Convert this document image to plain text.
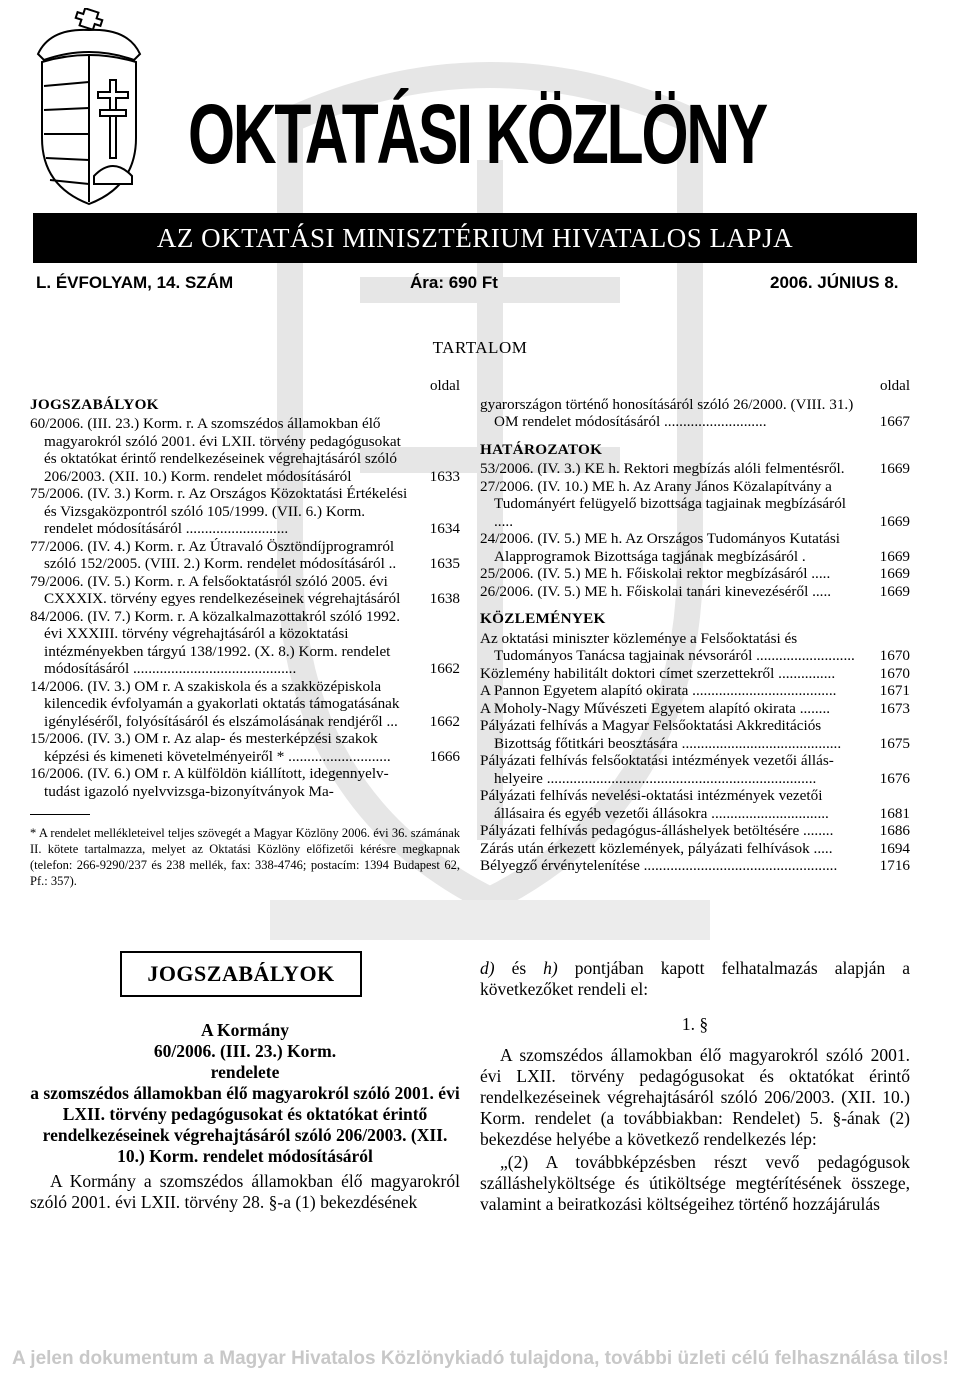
OKTATÁSI KÖZLÖNY
AZ OKTATÁSI MINISZTÉRIUM HIVATALOS LAPJA
L. ÉVFOLYAM, 14. SZÁM	Ára: 690 Ft	2006. JÚNIUS 8.
TARTALOM
oldal
JOGSZABÁLYOK
60/2006. (III. 23.) Korm. r. A szomszédos államokban élő magyarokról szóló 2001. évi LXII. törvény pedagógusokat és oktatókat érintő rendelkezéseinek végrehajtásáról szóló 206/2003. (XII. 10.) Korm. rendelet módosításáról	1633
75/2006. (IV. 3.) Korm. r. Az Országos Közoktatási Értékelési és Vizsgaközpontról szóló 105/1999. (VII. 6.) Korm. rendelet módosításáról ...........................	1634
77/2006. (IV. 4.) Korm. r. Az Útravaló Ösztöndíjprogramról szóló 152/2005. (VIII. 2.) Korm. rendelet módosításáról .. 1635
79/2006. (IV. 5.) Korm. r. A felsőoktatásról szóló 2005. évi CXXXIX. törvény egyes rendelkezéseinek végrehajtásáról 1638
84/2006. (IV. 7.) Korm. r. A közalkalmazottakról szóló 1992. évi XXXIII. törvény végrehajtásáról a közoktatási intézményekben tárgyú 138/1992. (X. 8.) Korm. rendelet módosításáról ...........................................	1662
14/2006. (IV. 3.) OM r. A szakiskola és a szakközépiskola kilencedik évfolyamán a gyakorlati oktatás támogatásának igényléséről, folyósításáról és elszámolásának rendjéről ... 1662
15/2006. (IV. 3.) OM r. Az alap- és mesterképzési szakok képzési és kimeneti követelményeiről * ...........................	1666
16/2006. (IV. 6.) OM r. A külföldön kiállított, idegennyelv-tudást igazoló nyelvvizsga-bizonyítványok Ma-
* A rendelet mellékleteivel teljes szövegét a Magyar Közlöny 2006. évi 36. számának II. kötete tartalmazza, melyet az Oktatási Közlöny előfizetői kérésre megkapnak (telefon: 266-9290/237 és 238 mellék, fax: 338-4746; postacím: 1394 Budapest 62, Pf.: 357).
oldal
gyarországon történő honosításáról szóló 26/2000. (VIII. 31.) OM rendelet módosításáról ...........................	1667
HATÁROZATOK
53/2006. (IV. 3.) KE h. Rektori megbízás alóli felmentésről. 1669
27/2006. (IV. 10.) ME h. Az Arany János Közalapítvány a Tudományért felügyelő bizottsága tagjainak megbízásáról .....	1669
24/2006. (IV. 5.) ME h. Az Országos Tudományos Kutatási Alapprogramok Bizottsága tagjának megbízásáról .	1669
25/2006. (IV. 5.) ME h. Főiskolai rektor megbízásáról .....	1669
26/2006. (IV. 5.) ME h. Főiskolai tanári kinevezéséről .....	1669
KÖZLEMÉNYEK
Az oktatási miniszter közleménye a Felsőoktatási és Tudományos Tanácsa tagjainak névsoráról .......................... 1670
Közlemény habilitált doktori címet szerzettekről ...............	1670
A Pannon Egyetem alapító okirata ......................................	1671
A Moholy-Nagy Művészeti Egyetem alapító okirata ........	1673
Pályázati felhívás a Magyar Felsőoktatási Akkreditációs Bizottság főtitkári beosztására ..........................................	1675
Pályázati felhívás felsőoktatási intézmények vezetői állás-helyeire .......................................................................	1676
Pályázati felhívás nevelési-oktatási intézmények vezetői állásaira és egyéb vezetői állásokra ...............................	1681
Pályázati felhívás pedagógus-álláshelyek betöltésére ........	1686
Zárás után érkezett közlemények, pályázati felhívások .....	1694
Bélyegző érvénytelenítése ...................................................	1716
JOGSZABÁLYOK
A Kormány
60/2006. (III. 23.) Korm.
rendelete
a szomszédos államokban élő magyarokról szóló 2001. évi LXII. törvény pedagógusokat és oktatókat érintő rendelkezéseinek végrehajtásáról szóló 206/2003. (XII. 10.) Korm. rendelet módosításáról
A Kormány a szomszédos államokban élő magyarokról szóló 2001. évi LXII. törvény 28. §-a (1) bekezdésének
d) és h) pontjában kapott felhatalmazás alapján a következőket rendeli el:
1. §
A szomszédos államokban élő magyarokról szóló 2001. évi LXII. törvény pedagógusokat és oktatókat érintő rendelkezéseinek végrehajtásáról szóló 206/2003. (XII. 10.) Korm. rendelet (a továbbiakban: Rendelet) 5. §-ának (2) bekezdése helyébe a következő rendelkezés lép:
„(2) A továbbképzésben részt vevő pedagógusok szálláshelyköltsége és útiköltsége megtérítésének összege, valamint a beiratkozási költségeihez történő hozzájárulás
A jelen dokumentum a Magyar Hivatalos Közlönykiadó tulajdona, további üzleti célú felhasználása tilos!
